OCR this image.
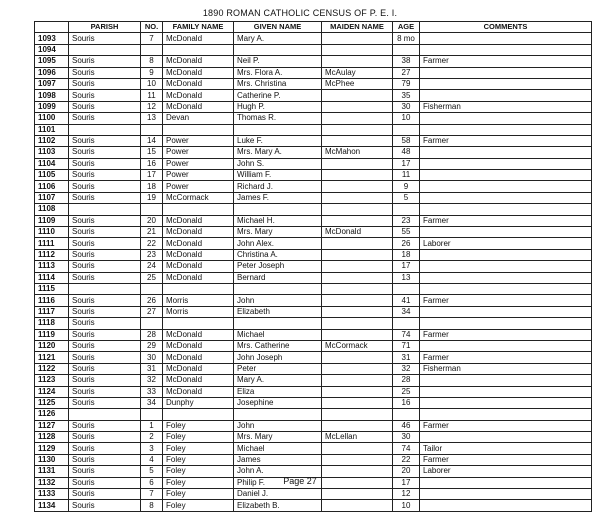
1890 ROMAN CATHOLIC CENSUS OF P. E. I.
	PARISH	NO.	FAMILY NAME	GIVEN NAME	MAIDEN NAME	AGE	COMMENTS
1093	Souris	7	McDonald	Mary A.		8 mo	
1094							
1095	Souris	8	McDonald	Neil P.		38	Farmer
1096	Souris	9	McDonald	Mrs. Flora A.	McAulay	27	
1097	Souris	10	McDonald	Mrs. Christina	McPhee	79	
1098	Souris	11	McDonald	Catherine P.		35	
1099	Souris	12	McDonald	Hugh P.		30	Fisherman
1100	Souris	13	Devan	Thomas R.		10	
1101							
1102	Souris	14	Power	Luke F.		58	Farmer
1103	Souris	15	Power	Mrs. Mary A.	McMahon	48	
1104	Souris	16	Power	John S.		17	
1105	Souris	17	Power	William F.		11	
1106	Souris	18	Power	Richard J.		9	
1107	Souris	19	McCormack	James F.		5	
1108							
1109	Souris	20	McDonald	Michael H.		23	Farmer
1110	Souris	21	McDonald	Mrs. Mary	McDonald	55	
1111	Souris	22	McDonald	John Alex.		26	Laborer
1112	Souris	23	McDonald	Christina A.		18	
1113	Souris	24	McDonald	Peter Joseph		17	
1114	Souris	25	McDonald	Bernard		13	
1115							
1116	Souris	26	Morris	John		41	Farmer
1117	Souris	27	Morris	Elizabeth		34	
1118	Souris						
1119	Souris	28	McDonald	Michael		74	Farmer
1120	Souris	29	McDonald	Mrs. Catherine	McCormack	71	
1121	Souris	30	McDonald	John Joseph		31	Farmer
1122	Souris	31	McDonald	Peter		32	Fisherman
1123	Souris	32	McDonald	Mary A.		28	
1124	Souris	33	McDonald	Eliza		25	
1125	Souris	34	Dunphy	Josephine		16	
1126							
1127	Souris	1	Foley	John		46	Farmer
1128	Souris	2	Foley	Mrs. Mary	McLellan	30	
1129	Souris	3	Foley	Michael		74	Tailor
1130	Souris	4	Foley	James		22	Farmer
1131	Souris	5	Foley	John A.		20	Laborer
1132	Souris	6	Foley	Philip F.		17	
1133	Souris	7	Foley	Daniel J.		12	
1134	Souris	8	Foley	Elizabeth B.		10	
Page 27
